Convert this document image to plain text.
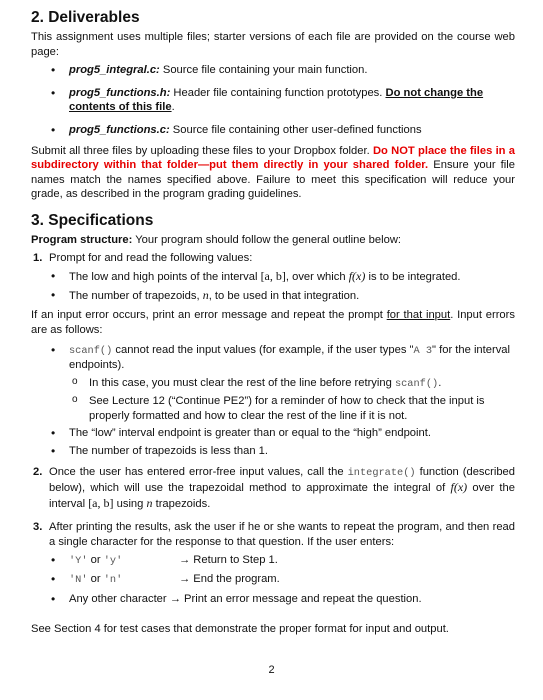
2. Deliverables

This assignment uses multiple files; starter versions of each file are provided on the course web page:

• prog5_integral.c: Source file containing your main function.
• prog5_functions.h: Header file containing function prototypes. Do not change the contents of this file.
• prog5_functions.c: Source file containing other user-defined functions

Submit all three files by uploading these files to your Dropbox folder. Do NOT place the files in a subdirectory within that folder—put them directly in your shared folder. Ensure your file names match the names specified above. Failure to meet this specification will reduce your grade, as described in the program grading guidelines.

3. Specifications

Program structure: Your program should follow the general outline below:

1. Prompt for and read the following values:
• The low and high points of the interval [a, b], over which f(x) is to be integrated.
• The number of trapezoids, n, to be used in that integration.

If an input error occurs, print an error message and repeat the prompt for that input. Input errors are as follows:

• scanf() cannot read the input values (for example, if the user types "A 3" for the interval endpoints).
o In this case, you must clear the rest of the line before retrying scanf().
o See Lecture 12 (“Continue PE2”) for a reminder of how to check that the input is properly formatted and how to clear the rest of the line if it is not.
• The “low” interval endpoint is greater than or equal to the “high” endpoint.
• The number of trapezoids is less than 1.
2. Once the user has entered error-free input values, call the integrate() function (described below), which will use the trapezoidal method to approximate the integral of f(x) over the interval [a, b] using n trapezoids.
3. After printing the results, ask the user if he or she wants to repeat the program, and then read a single character for the response to that question. If the user enters:
• 'Y' or 'y'	→ Return to Step 1.
• 'N' or 'n'	→ End the program.
• Any other character → Print an error message and repeat the question.

See Section 4 for test cases that demonstrate the proper format for input and output.

2
